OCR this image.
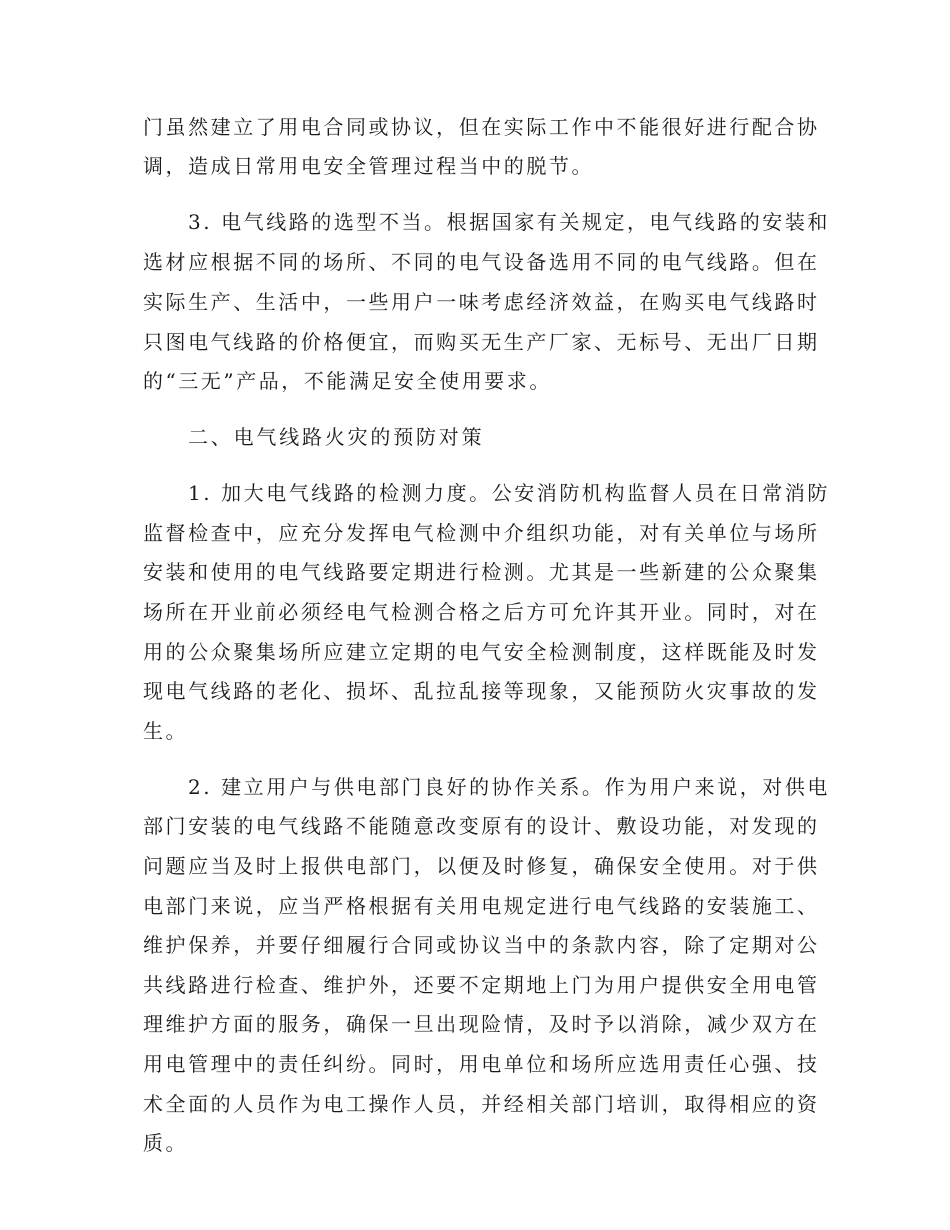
门虽然建立了用电合同或协议，但在实际工作中不能很好进行配合协
调，造成日常用电安全管理过程当中的脱节。
3. 电气线路的选型不当。根据国家有关规定，电气线路的安装和
选材应根据不同的场所、不同的电气设备选用不同的电气线路。但在
实际生产、生活中，一些用户一味考虑经济效益，在购买电气线路时
只图电气线路的价格便宜，而购买无生产厂家、无标号、无出厂日期
的“三无”产品，不能满足安全使用要求。
二、电气线路火灾的预防对策
1. 加大电气线路的检测力度。公安消防机构监督人员在日常消防
监督检查中，应充分发挥电气检测中介组织功能，对有关单位与场所
安装和使用的电气线路要定期进行检测。尤其是一些新建的公众聚集
场所在开业前必须经电气检测合格之后方可允许其开业。同时，对在
用的公众聚集场所应建立定期的电气安全检测制度，这样既能及时发
现电气线路的老化、损坏、乱拉乱接等现象，又能预防火灾事故的发
生。
2. 建立用户与供电部门良好的协作关系。作为用户来说，对供电
部门安装的电气线路不能随意改变原有的设计、敷设功能，对发现的
问题应当及时上报供电部门，以便及时修复，确保安全使用。对于供
电部门来说，应当严格根据有关用电规定进行电气线路的安装施工、
维护保养，并要仔细履行合同或协议当中的条款内容，除了定期对公
共线路进行检查、维护外，还要不定期地上门为用户提供安全用电管
理维护方面的服务，确保一旦出现险情，及时予以消除，减少双方在
用电管理中的责任纠纷。同时，用电单位和场所应选用责任心强、技
术全面的人员作为电工操作人员，并经相关部门培训，取得相应的资
质。
